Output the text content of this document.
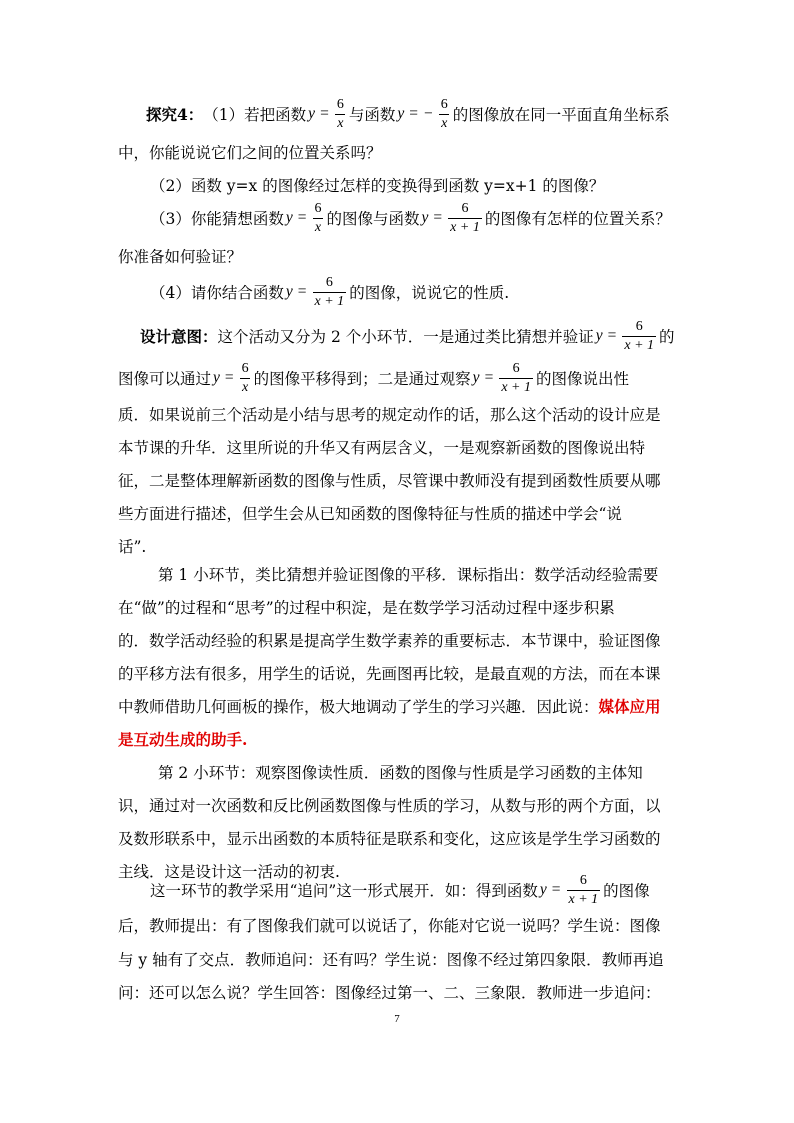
探究4： （1）若把函数 $y = \frac{6}{x}$ 与函数 y = − $\frac{6}{x}$ 的图像放在同一平面直角坐标系
中，你能说说它们之间的位置关系吗？
（2）函数 y=x 的图像经过怎样的变换得到函数 y=x+1 的图像？
（3）你能猜想函数 $y = \frac{6}{x}$ 的图像与函数 $y = \frac{6}{x + 1}$ 的图像有怎样的位置关系？
你准备如何验证？
（4）请你结合函数 $y = \frac{6}{x + 1}$ 的图像，说说它的性质.
设计意图： 这个活动又分为 2 个小环节．一是通过类比猜想并验证 $y = \frac{6}{x + 1}$ 的
图像可以通过 $y = \frac{6}{x}$ 的图像平移得到；二是通过观察 $y = \frac{6}{x + 1}$ 的图像说出性
质．如果说前三个活动是小结与思考的规定动作的话，那么这个活动的设计应是
本节课的升华．这里所说的升华又有两层含义，一是观察新函数的图像说出特
征，二是整体理解新函数的图像与性质，尽管课中教师没有提到函数性质要从哪
些方面进行描述，但学生会从已知函数的图像特征与性质的描述中学会“说
话”.
第 1 小环节，类比猜想并验证图像的平移．课标指出：数学活动经验需要
在“做”的过程和“思考”的过程中积淀，是在数学学习活动过程中逐步积累
的．数学活动经验的积累是提高学生数学素养的重要标志．本节课中，验证图像
的平移方法有很多，用学生的话说，先画图再比较，是最直观的方法，而在本课
中教师借助几何画板的操作，极大地调动了学生的学习兴趣．因此说： 媒体应用
是互动生成的助手.
第 2 小环节：观察图像读性质．函数的图像与性质是学习函数的主体知
识，通过对一次函数和反比例函数图像与性质的学习，从数与形的两个方面，以
及数形联系中，显示出函数的本质特征是联系和变化，这应该是学生学习函数的
主线．这是设计这一活动的初衷.
这一环节的教学采用“追问”这一形式展开．如：得到函数 $y = \frac{6}{x + 1}$ 的图像
后，教师提出：有了图像我们就可以说话了，你能对它说一说吗？学生说：图像
与 y 轴有了交点．教师追问：还有吗？学生说：图像不经过第四象限．教师再追
问：还可以怎么说？学生回答：图像经过第一、二、三象限．教师进一步追问：
7
